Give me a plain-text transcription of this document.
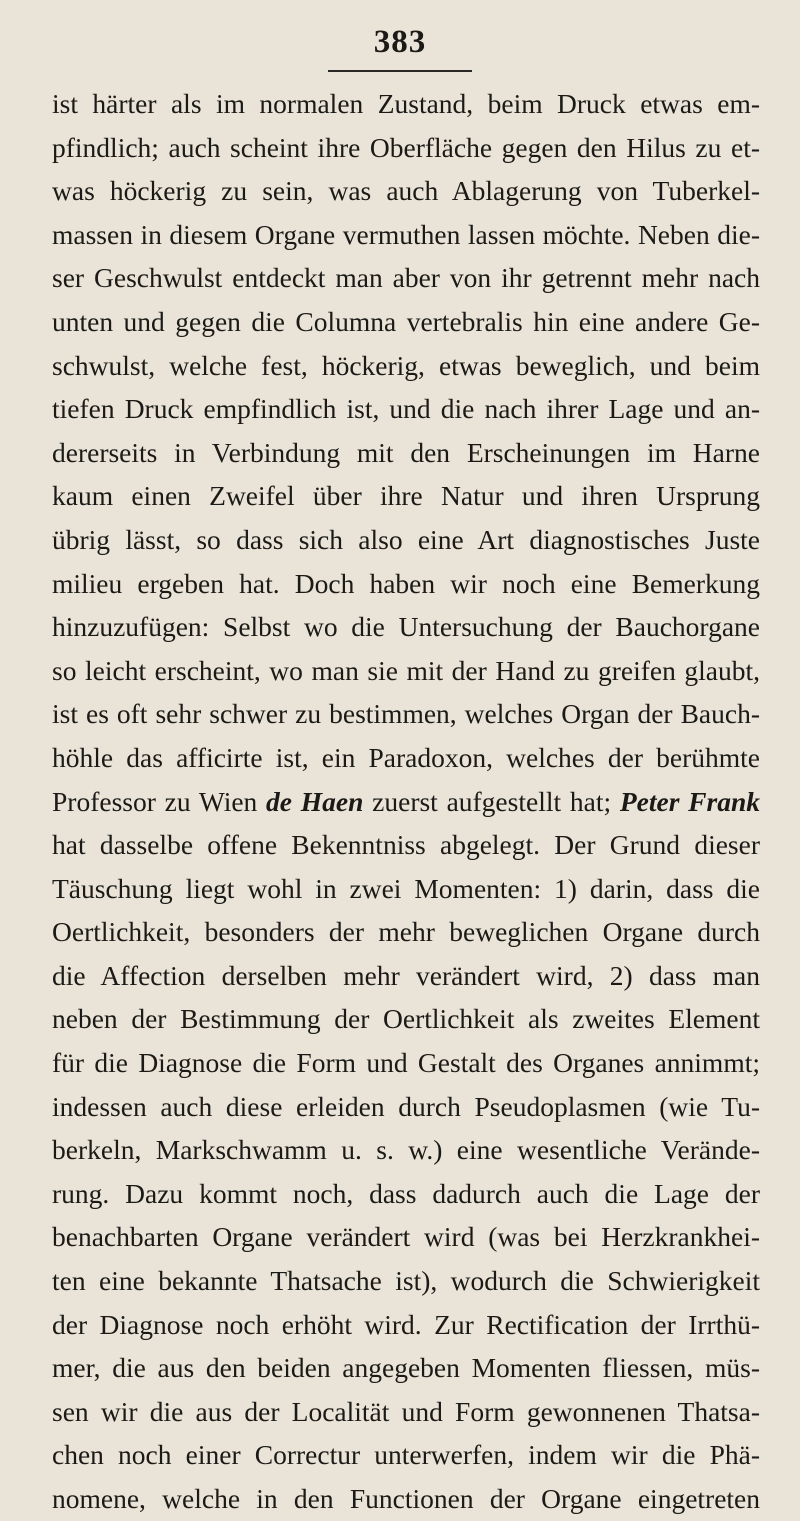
383
ist härter als im normalen Zustand, beim Druck etwas em-
pfindlich; auch scheint ihre Oberfläche gegen den Hilus zu et-
was höckerig zu sein, was auch Ablagerung von Tuberkel-
massen in diesem Organe vermuthen lassen möchte. Neben die-
ser Geschwulst entdeckt man aber von ihr getrennt mehr nach
unten und gegen die Columna vertebralis hin eine andere Ge-
schwulst, welche fest, höckerig, etwas beweglich, und beim
tiefen Druck empfindlich ist, und die nach ihrer Lage und an-
dererseits in Verbindung mit den Erscheinungen im Harne
kaum einen Zweifel über ihre Natur und ihren Ursprung
übrig lässt, so dass sich also eine Art diagnostisches Juste
milieu ergeben hat. Doch haben wir noch eine Bemerkung
hinzuzufügen: Selbst wo die Untersuchung der Bauchorgane
so leicht erscheint, wo man sie mit der Hand zu greifen glaubt,
ist es oft sehr schwer zu bestimmen, welches Organ der Bauch-
höhle das afficirte ist, ein Paradoxon, welches der berühmte
Professor zu Wien de Haen zuerst aufgestellt hat; Peter Frank
hat dasselbe offene Bekenntniss abgelegt. Der Grund dieser
Täuschung liegt wohl in zwei Momenten: 1) darin, dass die
Oertlichkeit, besonders der mehr beweglichen Organe durch
die Affection derselben mehr verändert wird, 2) dass man
neben der Bestimmung der Oertlichkeit als zweites Element
für die Diagnose die Form und Gestalt des Organes annimmt;
indessen auch diese erleiden durch Pseudoplasmen (wie Tu-
berkeln, Markschwamm u. s. w.) eine wesentliche Verände-
rung. Dazu kommt noch, dass dadurch auch die Lage der
benachbarten Organe verändert wird (was bei Herzkrankhei-
ten eine bekannte Thatsache ist), wodurch die Schwierigkeit
der Diagnose noch erhöht wird. Zur Rectification der Irrthü-
mer, die aus den beiden angegeben Momenten fliessen, müs-
sen wir die aus der Localität und Form gewonnenen Thatsa-
chen noch einer Correctur unterwerfen, indem wir die Phä-
nomene, welche in den Functionen der Organe eingetreten
